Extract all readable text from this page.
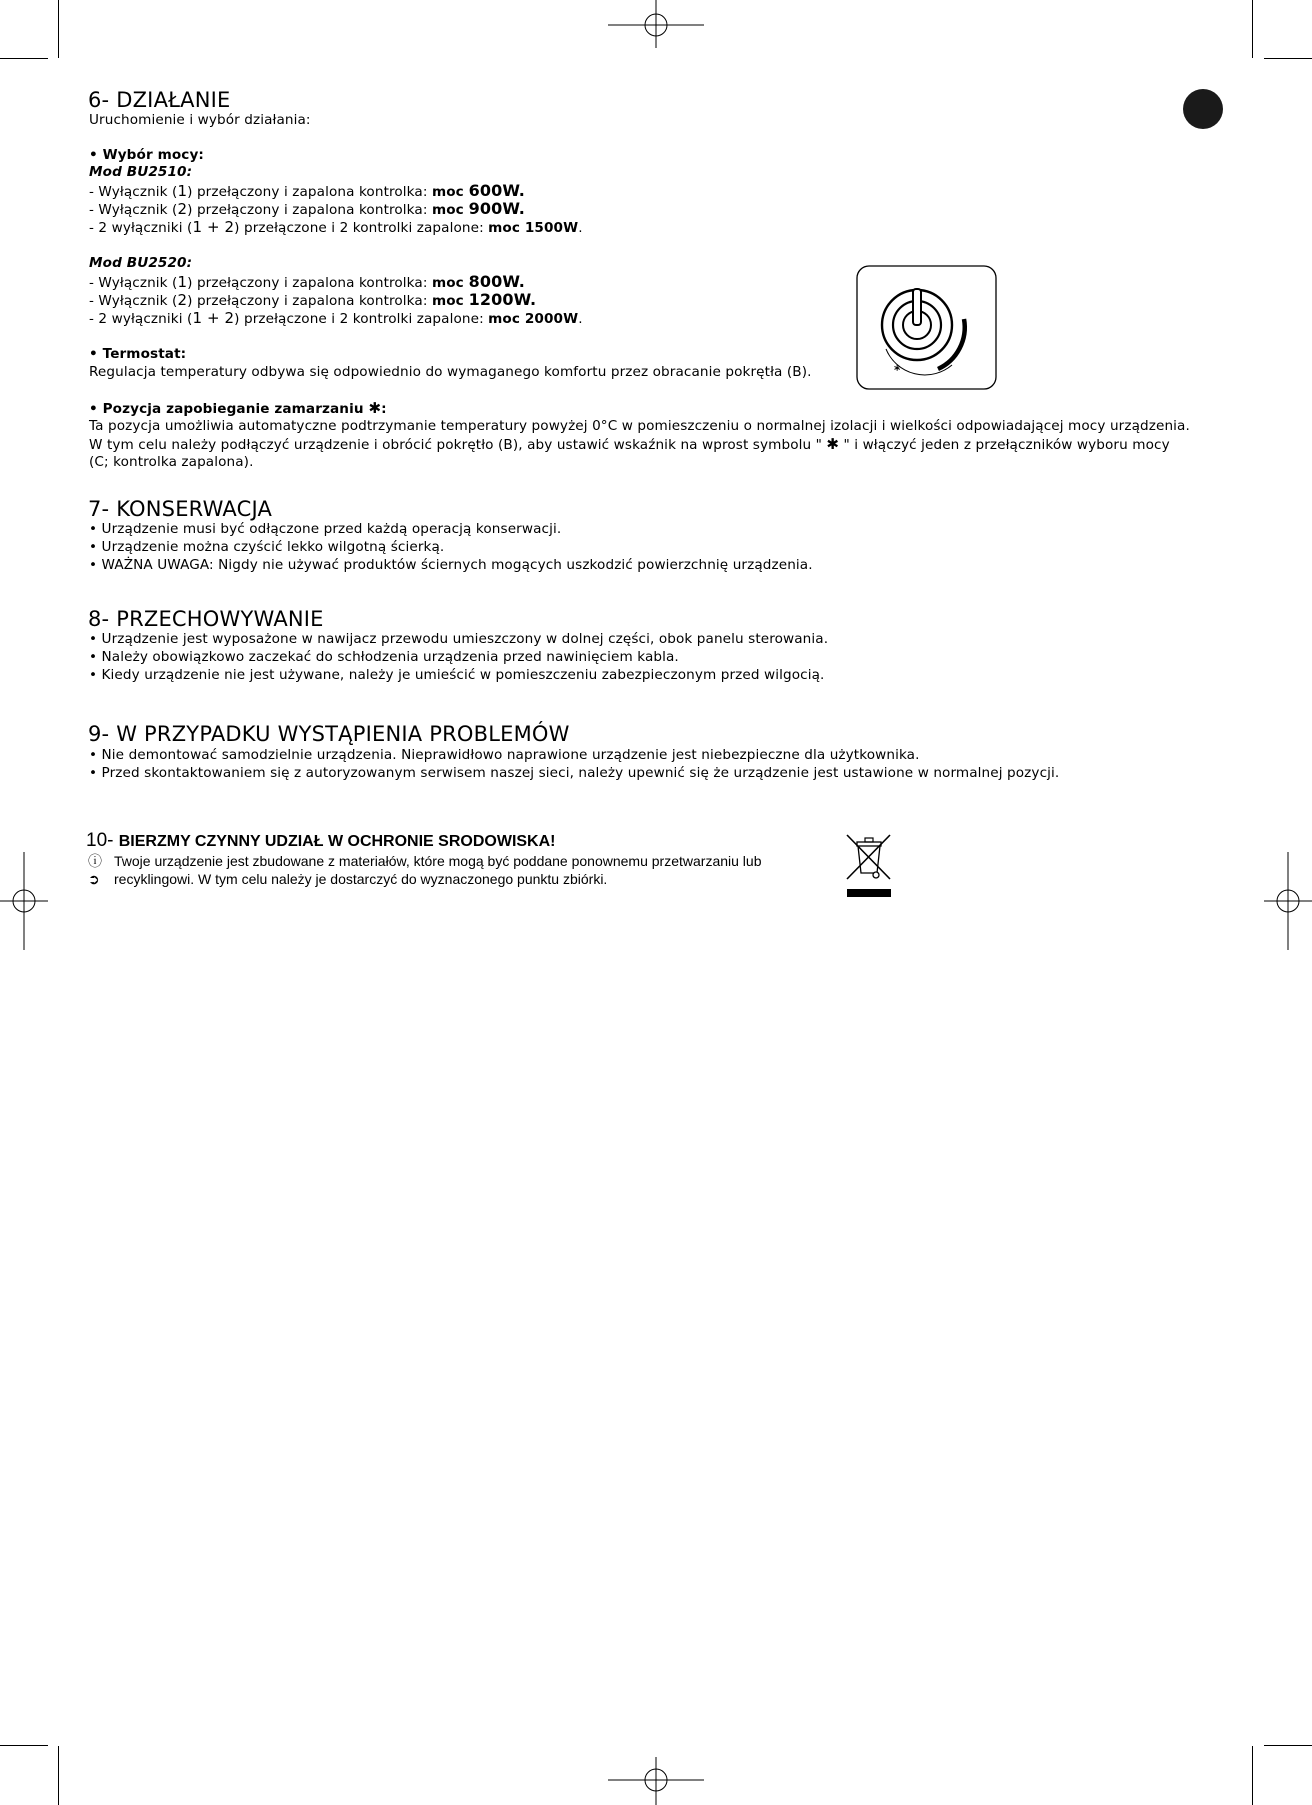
6- DZIAŁANIE
Uruchomienie i wybór działania:
• Wybór mocy:
Mod BU2510:
- Wyłącznik (1) przełączony i zapalona kontrolka: moc 600W.
- Wyłącznik (2) przełączony i zapalona kontrolka: moc 900W.
- 2 wyłączniki (1 + 2) przełączone i 2 kontrolki zapalone: moc 1500W.
Mod BU2520:
- Wyłącznik (1) przełączony i zapalona kontrolka: moc 800W.
- Wyłącznik (2) przełączony i zapalona kontrolka: moc 1200W.
- 2 wyłączniki (1 + 2) przełączone i 2 kontrolki zapalone: moc 2000W.
• Termostat:
Regulacja temperatury odbywa się odpowiednio do wymaganego komfortu przez obracanie pokrętła (B).	*
• Pozycja zapobieganie zamarzaniu ✱:
Ta pozycja umożliwia automatyczne podtrzymanie temperatury powyżej 0°C w pomieszczeniu o normalnej izolacji i wielkości odpowiadającej mocy urządzenia.
W tym celu należy podłączyć urządzenie i obrócić pokrętło (B), aby ustawić wskaźnik na wprost symbolu " ✱ " i włączyć jeden z przełączników wyboru mocy
(C; kontrolka zapalona).
7- KONSERWACJA
• Urządzenie musi być odłączone przed każdą operacją konserwacji.
• Urządzenie można czyścić lekko wilgotną ścierką.
• WAŻNA UWAGA: Nigdy nie używać produktów ściernych mogących uszkodzić powierzchnię urządzenia.
8- PRZECHOWYWANIE
• Urządzenie jest wyposażone w nawijacz przewodu umieszczony w dolnej części, obok panelu sterowania.
• Należy obowiązkowo zaczekać do schłodzenia urządzenia przed nawinięciem kabla.
• Kiedy urządzenie nie jest używane, należy je umieścić w pomieszczeniu zabezpieczonym przed wilgocią.
9- W PRZYPADKU WYSTĄPIENIA PROBLEMÓW
• Nie demontować samodzielnie urządzenia. Nieprawidłowo naprawione urządzenie jest niebezpieczne dla użytkownika.
• Przed skontaktowaniem się z autoryzowanym serwisem naszej sieci, należy upewnić się że urządzenie jest ustawione w normalnej pozycji.
10- BIERZMY CZYNNY UDZIAŁ W OCHRONIE SRODOWISKA!
ⓘ Twoje urządzenie jest zbudowane z materiałów, które mogą być poddane ponownemu przetwarzaniu lub
➲ recyklingowi. W tym celu należy je dostarczyć do wyznaczonego punktu zbiórki.
